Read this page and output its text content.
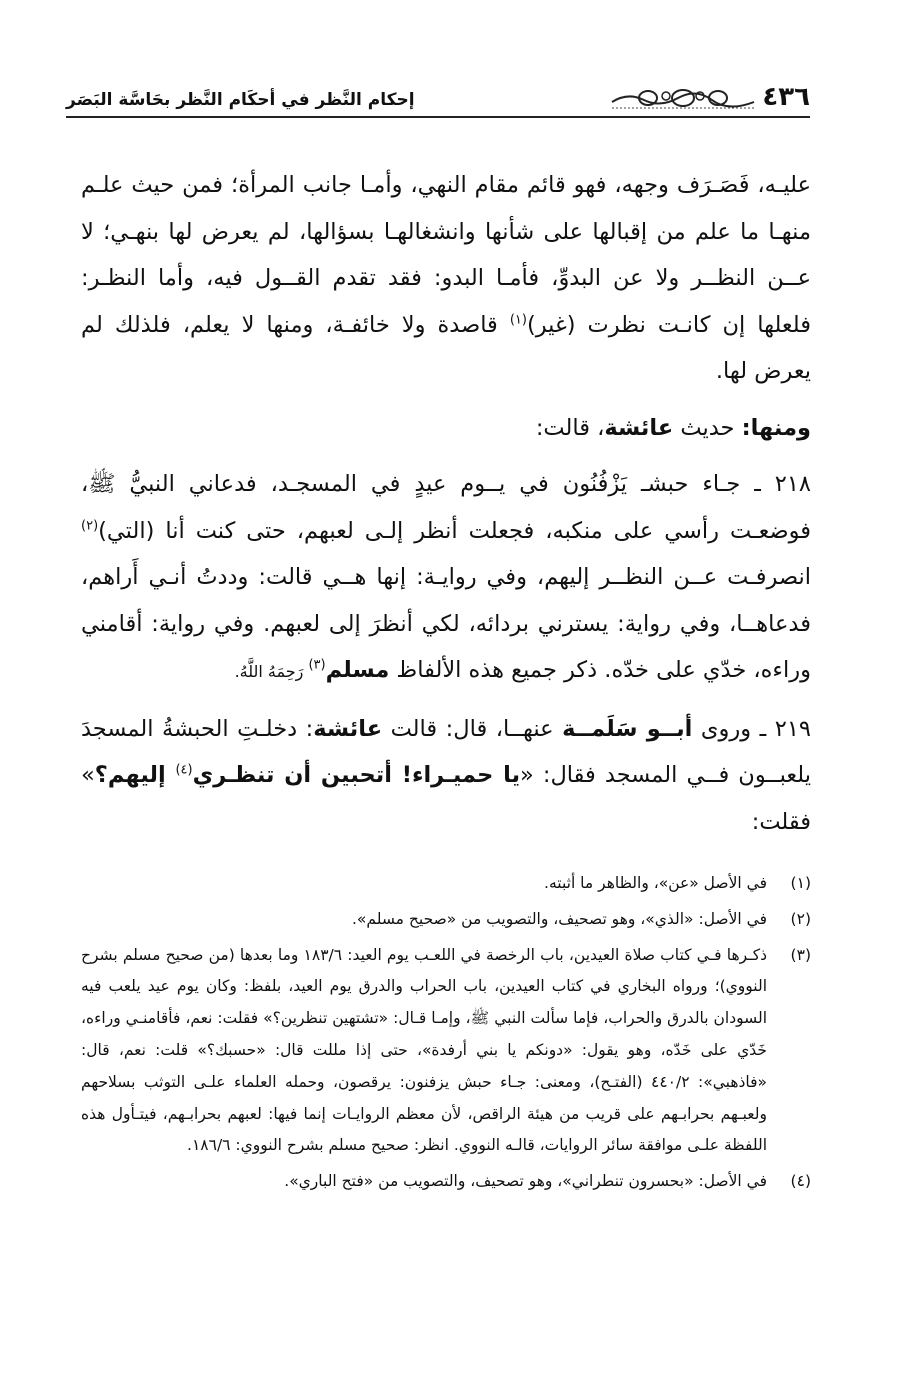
٤٣٦
إحكام النَّظر في أحكَام النَّظر بحَاسَّة البَصَر

عليـه، فَصَـرَف وجهه، فهو قائم مقام النهي، وأمـا جانب المرأة؛ فمن حيث علـم منهـا ما علم من إقبالها على شأنها وانشغالهـا بسؤالها، لم يعرض لها بنهـي؛ لا عــن النظــر ولا عن البدوِّ، فأمـا البدو: فقد تقدم القــول فيه، وأما النظـر: فلعلها إن كانـت نظرت (غير)$^{(١)}$ قاصدة ولا خائفـة، ومنها لا يعلم، فلذلك لم يعرض لها.

ومنها: حديث عائشة، قالت:

٢١٨ ـ جـاء حبشـ يَزْفُنُون في يــوم عيدٍ في المسجـد، فدعاني النبيُّ ﷺ، فوضعـت رأسي على منكبه، فجعلت أنظر إلـى لعبهم، حتى كنت أنا (التي)$^{(٢)}$ انصرفـت عــن النظــر إليهم، وفي روايـة: إنها هــي قالت: وددتُ أنـي أَراهم، فدعاهــا، وفي رواية: يسترني بردائه، لكي أنظرَ إلى لعبهم. وفي رواية: أقامني وراءه، خدّي على خدّه. ذكر جميع هذه الألفاظ مسلم$^{(٣)}$ رَحِمَهُ اللَّهُ.

٢١٩ ـ وروى أبــو سَلَمــة عنهــا، قال: قالت عائشة: دخلـتِ الحبشةُ المسجدَ يلعبــون فــي المسجد فقال: «يا حميـراء! أتحبين أن تنظـري$^{(٤)}$ إليهم؟» فقلت:

(١)
في الأصل «عن»، والظاهر ما أثبته.
(٢)
في الأصل: «الذي»، وهو تصحيف، والتصويب من «صحيح مسلم».
(٣)
ذكـرها فـي كتاب صلاة العيدين، باب الرخصة في اللعـب يوم العيد: ١٨٣/٦ وما بعدها (من صحيح مسلم بشرح النووي)؛ ورواه البخاري في كتاب العيدين، باب الحراب والدرق يوم العيد، بلفظ: وكان يوم عيد يلعب فيه السودان بالدرق والحراب، فإما سألت النبي ﷺ، وإمـا قـال: «تشتهين تنظرين؟» فقلت: نعم، فأقامنـي وراءه، خَدّي على خَدّه، وهو يقول: «دونكم يا بني أرفدة»، حتى إذا مللت قال: «حسبك؟» قلت: نعم، قال: «فاذهبي»: ٤٤٠/٢ (الفتـح)، ومعنى: جـاء حبش يزفنون: يرقصون، وحمله العلماء علـى التوثب بسلاحهم ولعبـهم بحرابـهم على قريب من هيئة الراقص، لأن معظم الروايـات إنما فيها: لعبهم بحرابـهم، فيتـأول هذه اللفظة علـى موافقة سائر الروايات، قالـه النووي. انظر: صحيح مسلم بشرح النووي: ١٨٦/٦.
(٤)
في الأصل: «بحسرون تنطراني»، وهو تصحيف، والتصويب من «فتح الباري».
